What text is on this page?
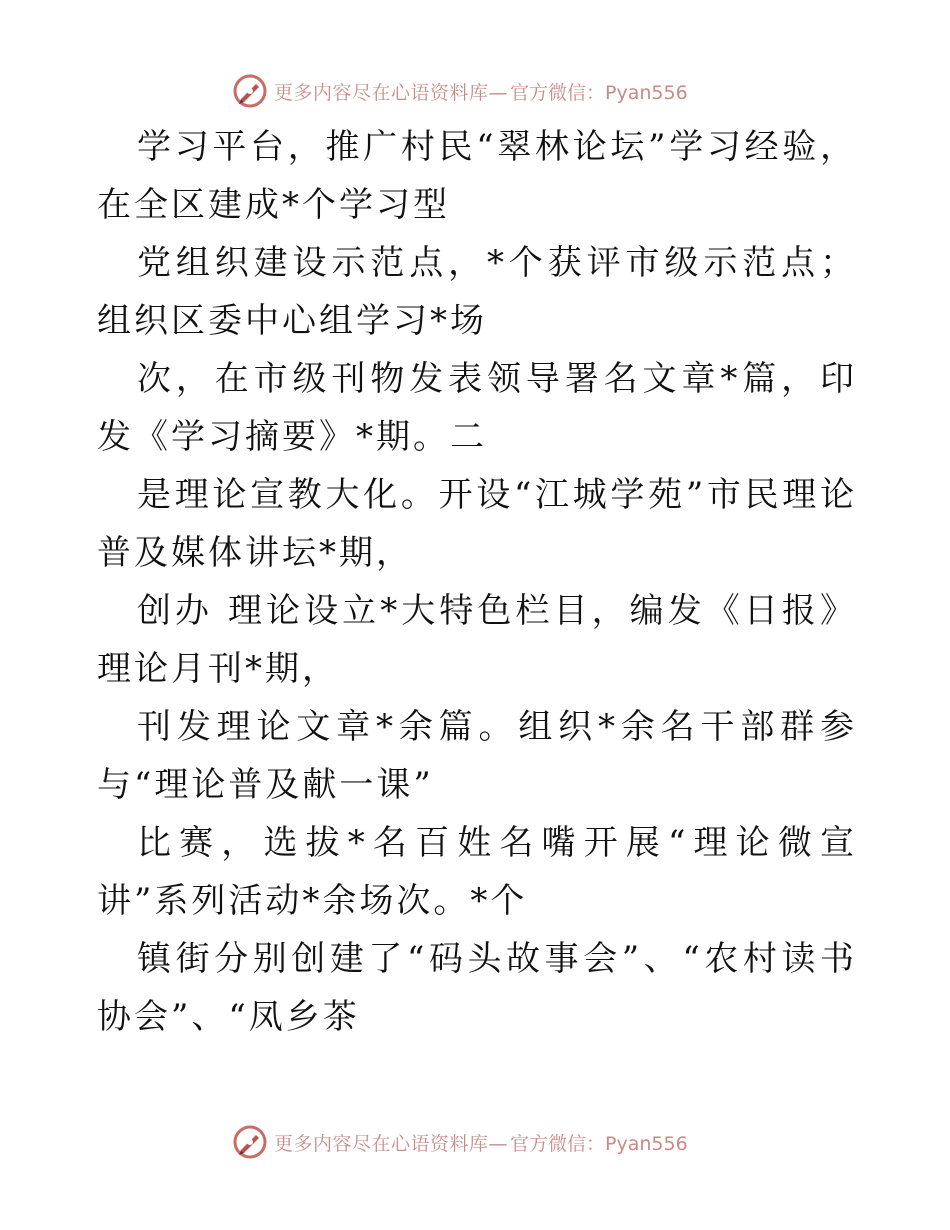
更多内容尽在心语资料库— 官方微信：Pyan556

学习平台，推广村民“翠林论坛”学习经验，在全区建成*个学习型

党组织建设示范点，*个获评市级示范点；组织区委中心组学习*场

次，在市级刊物发表领导署名文章*篇，印发《学习摘要》*期。二

是理论宣教大化。开设“江城学苑”市民理论普及媒体讲坛*期，

创办 理论设立*大特色栏目，编发《日报》理论月刊*期，

刊发理论文章*余篇。组织*余名干部群参与“理论普及献一课”

比赛，选拔*名百姓名嘴开展“理论微宣讲”系列活动*余场次。*个

镇街分别创建了“码头故事会”、“农村读书协会”、“凤乡茶

更多内容尽在心语资料库— 官方微信：Pyan556
